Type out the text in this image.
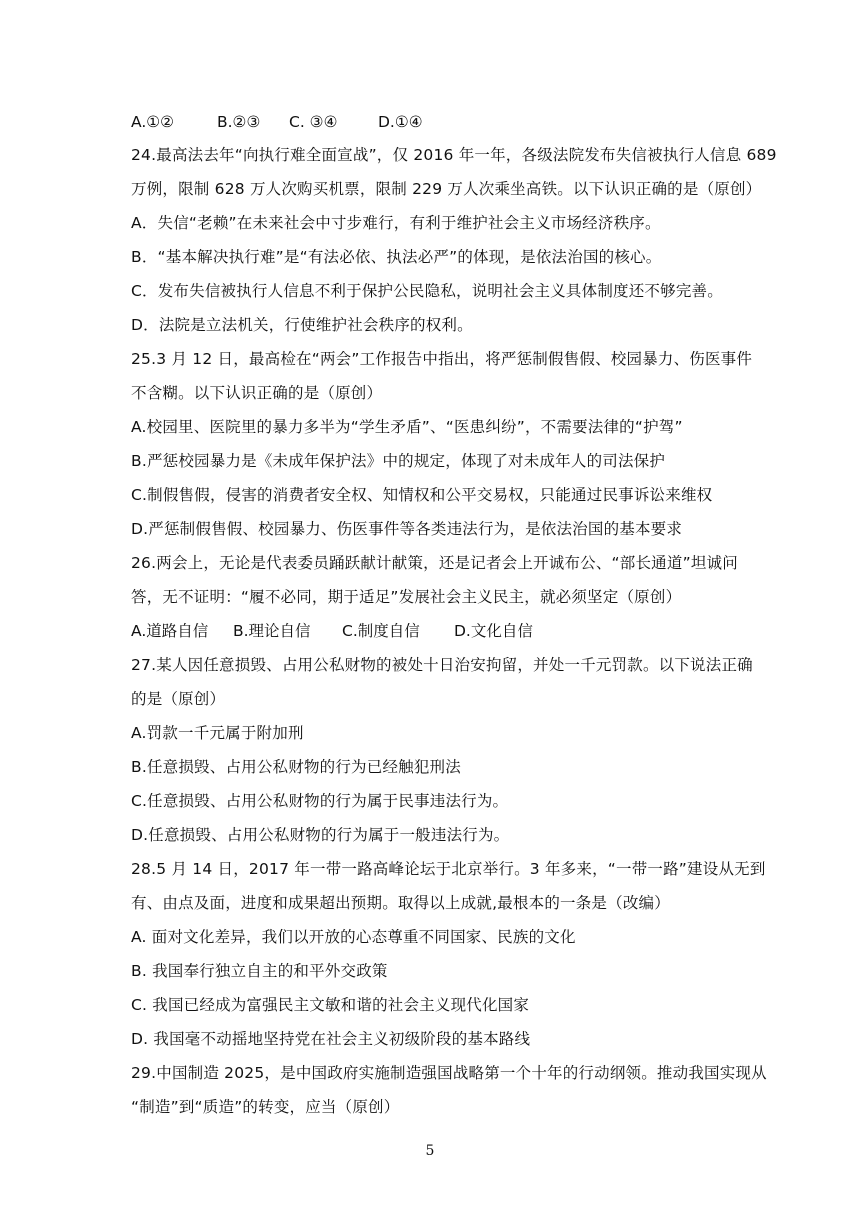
A.①②	B.②③ C. ③④	D.①④
24.最高法去年“向执行难全面宣战”，仅 2016 年一年，各级法院发布失信被执行人信息 689
万例，限制 628 万人次购买机票，限制 229 万人次乘坐高铁。以下认识正确的是（原创）
A．失信“老赖”在未来社会中寸步难行，有利于维护社会主义市场经济秩序。
B．“基本解决执行难”是“有法必依、执法必严”的体现，是依法治国的核心。
C．发布失信被执行人信息不利于保护公民隐私，说明社会主义具体制度还不够完善。
D．法院是立法机关，行使维护社会秩序的权利。
25.3 月 12 日，最高检在“两会”工作报告中指出，将严惩制假售假、校园暴力、伤医事件
不含糊。以下认识正确的是（原创）
A.校园里、医院里的暴力多半为“学生矛盾”、“医患纠纷”，不需要法律的“护驾”
B.严惩校园暴力是《未成年保护法》中的规定，体现了对未成年人的司法保护
C.制假售假，侵害的消费者安全权、知情权和公平交易权，只能通过民事诉讼来维权
D.严惩制假售假、校园暴力、伤医事件等各类违法行为，是依法治国的基本要求
26.两会上，无论是代表委员踊跃献计献策，还是记者会上开诚布公、“部长通道”坦诚问
答，无不证明：“履不必同，期于适足”发展社会主义民主，就必须坚定（原创）
A.道路自信 B.理论自信 C.制度自信 D.文化自信
27.某人因任意损毁、占用公私财物的被处十日治安拘留，并处一千元罚款。以下说法正确
的是（原创）
A.罚款一千元属于附加刑
B.任意损毁、占用公私财物的行为已经触犯刑法
C.任意损毁、占用公私财物的行为属于民事违法行为。
D.任意损毁、占用公私财物的行为属于一般违法行为。
28.5 月 14 日，2017 年一带一路高峰论坛于北京举行。3 年多来，“一带一路”建设从无到
有、由点及面，进度和成果超出预期。取得以上成就,最根本的一条是（改编）
A. 面对文化差异，我们以开放的心态尊重不同国家、民族的文化
B. 我国奉行独立自主的和平外交政策
C. 我国已经成为富强民主文敏和谐的社会主义现代化国家
D. 我国毫不动摇地坚持党在社会主义初级阶段的基本路线
29.中国制造 2025，是中国政府实施制造强国战略第一个十年的行动纲领。推动我国实现从
“制造”到“质造”的转变，应当（原创）
5
